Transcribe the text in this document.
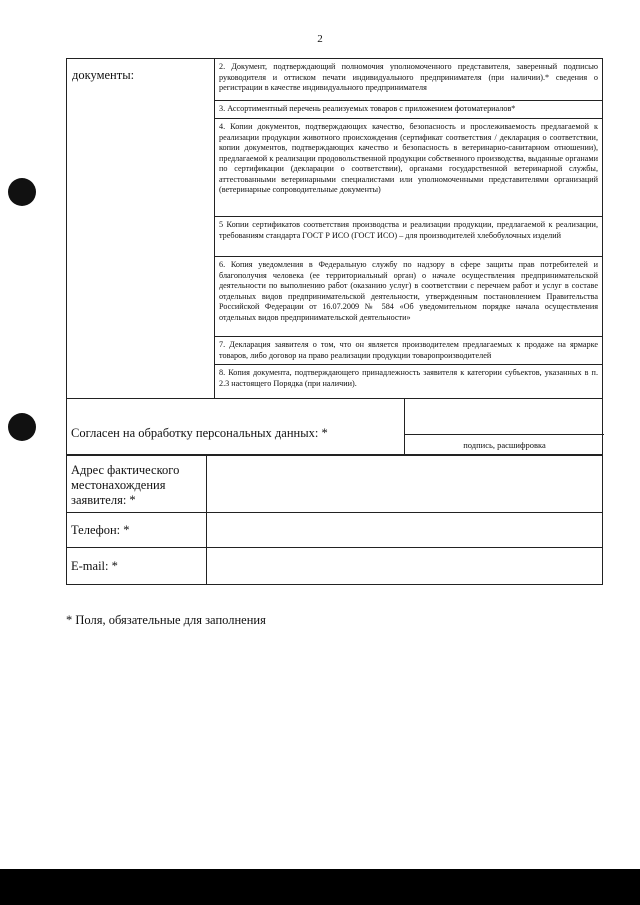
2
документы:	2. Документ, подтверждающий полномочия уполномоченного представителя, заверенный подписью руководителя и оттиском печати индивидуального предпринимателя (при наличии).* сведения о регистрации в качестве индивидуального предпринимателя
3. Ассортиментный перечень реализуемых товаров с приложением фотоматериалов*
4. Копии документов, подтверждающих качество, безопасность и прослеживаемость предлагаемой к реализации продукции животного происхождения (сертификат соответствия / декларация о соответствии, копии документов, подтверждающих качество и безопасность в ветеринарно-санитарном отношении), предлагаемой к реализации продовольственной продукции собственного производства, выданные органами по сертификации (декларации о соответствии), органами государственной ветеринарной службы, аттестованными ветеринарными специалистами или уполномоченными представителями организаций (ветеринарные сопроводительные документы)
5 Копии сертификатов соответствия производства и реализации продукции, предлагаемой к реализации, требованиям стандарта ГОСТ Р ИСО (ГОСТ ИСО) – для производителей хлебобулочных изделий
6. Копия уведомления в Федеральную службу по надзору в сфере защиты прав потребителей и благополучия человека (ее территориальный орган) о начале осуществления предпринимательской деятельности по выполнению работ (оказанию услуг) в соответствии с перечнем работ и услуг в составе отдельных видов предпринимательской деятельности, утвержденным постановлением Правительства Российской Федерации от 16.07.2009 № 584 «Об уведомительном порядке начала осуществления отдельных видов предпринимательской деятельности»
7. Декларация заявителя о том, что он является производителем предлагаемых к продаже на ярмарке товаров, либо договор на право реализации продукции товаропроизводителей
8. Копия документа, подтверждающего принадлежность заявителя к категории субъектов, указанных в п. 2.3 настоящего Порядка (при наличии).
Согласен на обработку персональных данных: *
подпись, расшифровка
Адрес фактического местонахождения заявителя: *	

Телефон: *	
E-mail: *	
* Поля, обязательные для заполнения
